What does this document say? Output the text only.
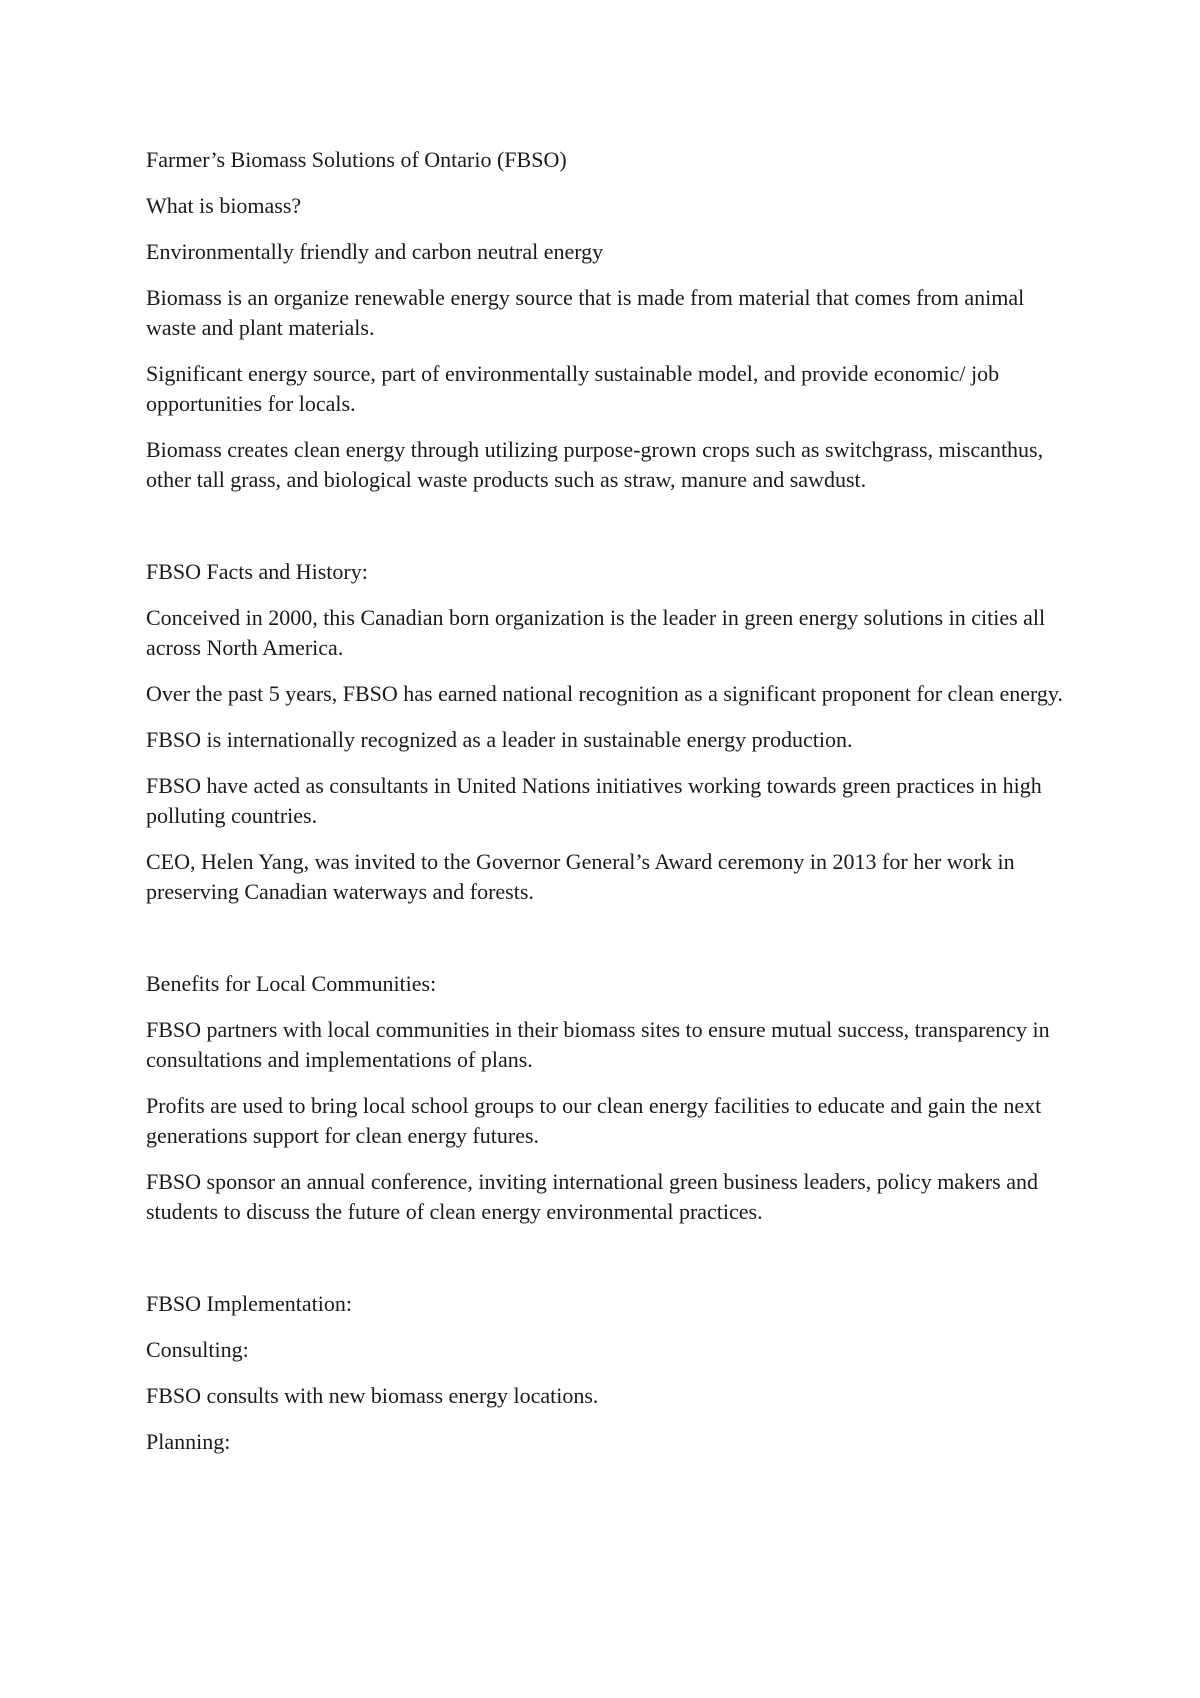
Farmer’s Biomass Solutions of Ontario (FBSO)

What is biomass?

Environmentally friendly and carbon neutral energy

Biomass is an organize renewable energy source that is made from material that comes from animal waste and plant materials.

Significant energy source, part of environmentally sustainable model, and provide economic/ job opportunities for locals.

Biomass creates clean energy through utilizing purpose-grown crops such as switchgrass, miscanthus, other tall grass, and biological waste products such as straw, manure and sawdust.

FBSO Facts and History:

Conceived in 2000, this Canadian born organization is the leader in green energy solutions in cities all across North America.

Over the past 5 years, FBSO has earned national recognition as a significant proponent for clean energy.

FBSO is internationally recognized as a leader in sustainable energy production.

FBSO have acted as consultants in United Nations initiatives working towards green practices in high polluting countries.

CEO, Helen Yang, was invited to the Governor General’s Award ceremony in 2013 for her work in preserving Canadian waterways and forests.

Benefits for Local Communities:

FBSO partners with local communities in their biomass sites to ensure mutual success, transparency in consultations and implementations of plans.

Profits are used to bring local school groups to our clean energy facilities to educate and gain the next generations support for clean energy futures.

FBSO sponsor an annual conference, inviting international green business leaders, policy makers and students to discuss the future of clean energy environmental practices.

FBSO Implementation:

Consulting:

FBSO consults with new biomass energy locations.

Planning:
